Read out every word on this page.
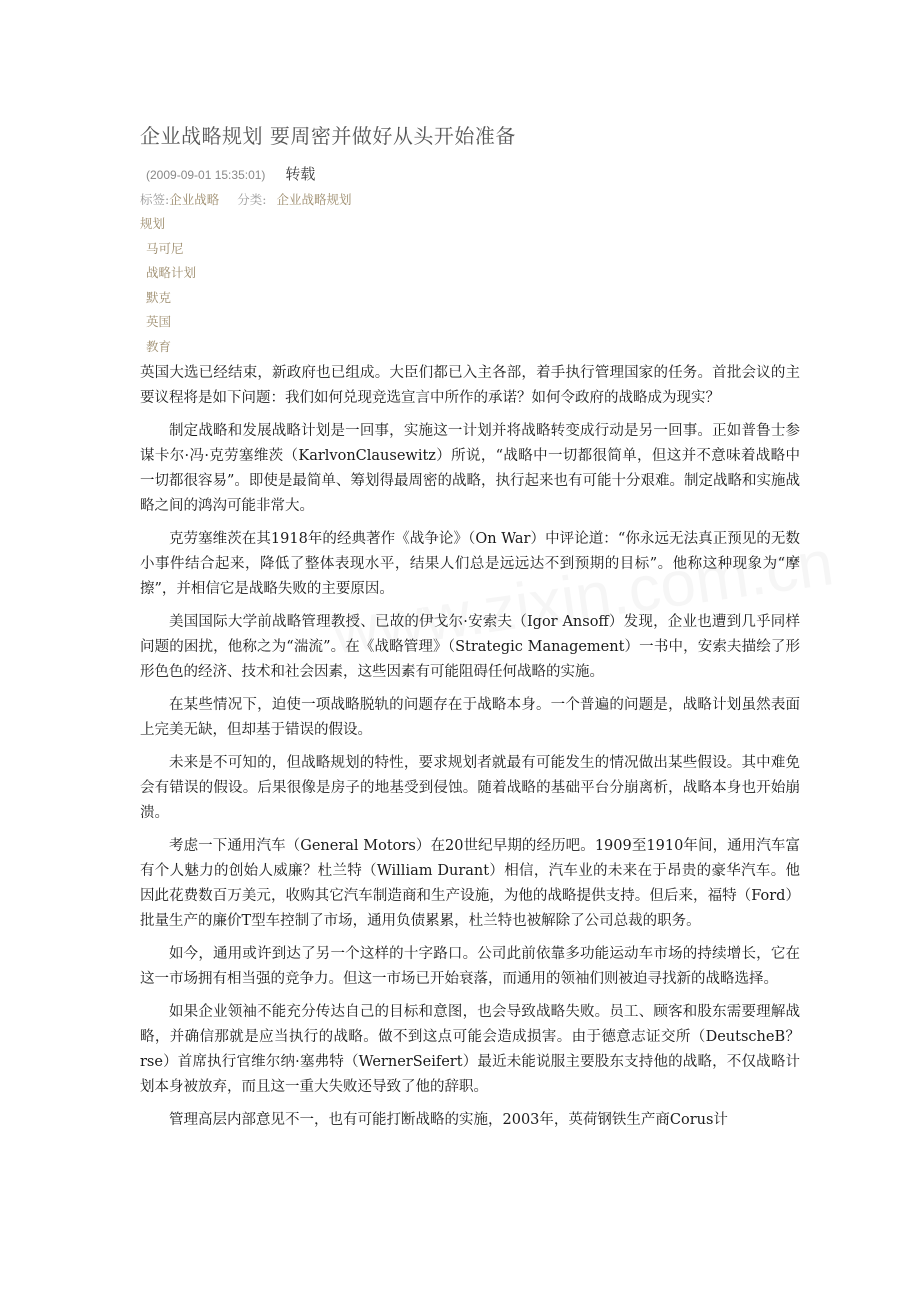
企业战略规划 要周密并做好从头开始准备
(2009-09-01 15:35:01) 转载
标签:企业战略 分类: 企业战略规划
规划
马可尼
战略计划
默克
英国
教育

英国大选已经结束，新政府也已组成。大臣们都已入主各部，着手执行管理国家的任务。首批会议的主要议程将是如下问题：我们如何兑现竞选宣言中所作的承诺？如何令政府的战略成为现实？

制定战略和发展战略计划是一回事，实施这一计划并将战略转变成行动是另一回事。正如普鲁士参谋卡尔·冯·克劳塞维茨（KarlvonClausewitz）所说，“战略中一切都很简单，但这并不意味着战略中一切都很容易”。即使是最简单、筹划得最周密的战略，执行起来也有可能十分艰难。制定战略和实施战略之间的鸿沟可能非常大。

克劳塞维茨在其1918年的经典著作《战争论》（On War）中评论道：“你永远无法真正预见的无数小事件结合起来，降低了整体表现水平，结果人们总是远远达不到预期的目标”。他称这种现象为“摩擦”，并相信它是战略失败的主要原因。

美国国际大学前战略管理教授、已故的伊戈尔·安索夫（Igor Ansoff）发现，企业也遭到几乎同样问题的困扰，他称之为“湍流”。在《战略管理》（Strategic Management）一书中，安索夫描绘了形形色色的经济、技术和社会因素，这些因素有可能阻碍任何战略的实施。

在某些情况下，迫使一项战略脱轨的问题存在于战略本身。一个普遍的问题是，战略计划虽然表面上完美无缺，但却基于错误的假设。

未来是不可知的，但战略规划的特性，要求规划者就最有可能发生的情况做出某些假设。其中难免会有错误的假设。后果很像是房子的地基受到侵蚀。随着战略的基础平台分崩离析，战略本身也开始崩溃。

考虑一下通用汽车（General Motors）在20世纪早期的经历吧。1909至1910年间，通用汽车富有个人魅力的创始人威廉？杜兰特（William Durant）相信，汽车业的未来在于昂贵的豪华汽车。他因此花费数百万美元，收购其它汽车制造商和生产设施，为他的战略提供支持。但后来，福特（Ford）批量生产的廉价T型车控制了市场，通用负债累累，杜兰特也被解除了公司总裁的职务。

如今，通用或许到达了另一个这样的十字路口。公司此前依靠多功能运动车市场的持续增长，它在这一市场拥有相当强的竞争力。但这一市场已开始衰落，而通用的领袖们则被迫寻找新的战略选择。

如果企业领袖不能充分传达自己的目标和意图，也会导致战略失败。员工、顾客和股东需要理解战略，并确信那就是应当执行的战略。做不到这点可能会造成损害。由于德意志证交所（DeutscheB？rse）首席执行官维尔纳·塞弗特（WernerSeifert）最近未能说服主要股东支持他的战略，不仅战略计划本身被放弃，而且这一重大失败还导致了他的辞职。

管理高层内部意见不一，也有可能打断战略的实施，2003年，英荷钢铁生产商Corus计
